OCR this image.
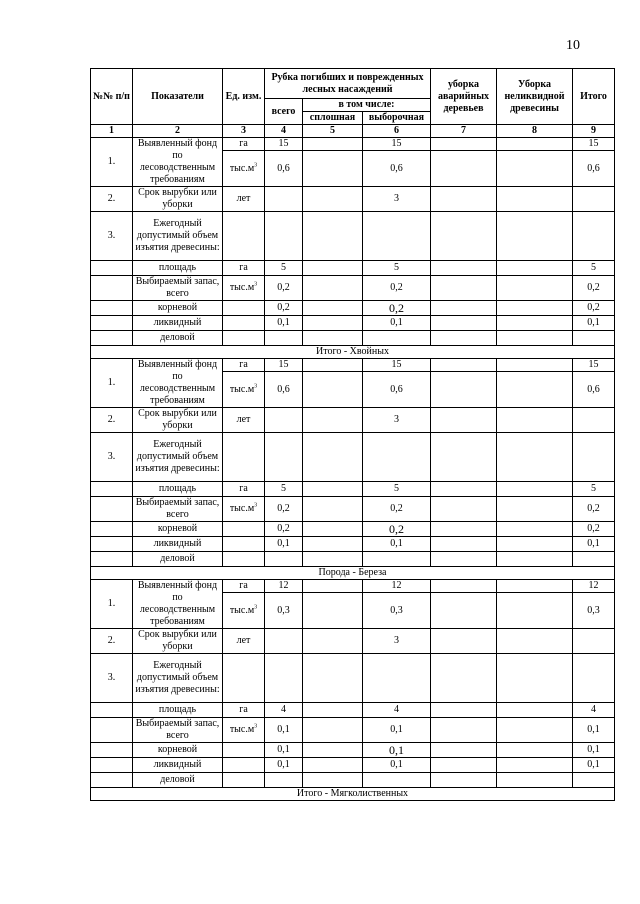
10
№№ п/п	Показатели	Ед. изм.	Рубка погибших и поврежденных лесных насаждений			уборка аварийных деревьев	Уборка неликвидной древесины	Итого
			всего	в том числе:				
				сплошная	выборочная			
1	2	3	4	5	6	7	8	9
1.	Выявленный фонд по лесоводственным требованиям	га	15		15			15
		$тыс.м^3$	0,6		0,6			0,6

2.	Срок вырубки или уборки	лет			3			
3.	Ежегодный допустимый объем изъятия древесины:							
	площадь	га	5		5			5
	Выбираемый запас, всего	$тыс.м^3$	0,2		0,2			0,2
	корневой		0,2		0,2			0,2
	ликвидный		0,1		0,1			0,1
	деловой							
Итого - Хвойных								
1.	Выявленный фонд по лесоводственным требованиям	га	15		15			15
		$тыс.м^3$	0,6		0,6			0,6

2.	Срок вырубки или уборки	лет			3			
3.	Ежегодный допустимый объем изъятия древесины:							
	площадь	га	5		5			5
	Выбираемый запас, всего	$тыс.м^3$	0,2		0,2			0,2
	корневой		0,2		0,2			0,2
	ликвидный		0,1		0,1			0,1
	деловой							
Порода - Береза								
1.	Выявленный фонд по лесоводственным требованиям	га	12		12			12
		$тыс.м^3$	0,3		0,3			0,3

2.	Срок вырубки или уборки	лет			3			
3.	Ежегодный допустимый объем изъятия древесины:							
	площадь	га	4		4			4
	Выбираемый запас, всего	$тыс.м^3$	0,1		0,1			0,1
	корневой		0,1		0,1			0,1
	ликвидный		0,1		0,1			0,1
	деловой							
Итого - Мягколиственных								
